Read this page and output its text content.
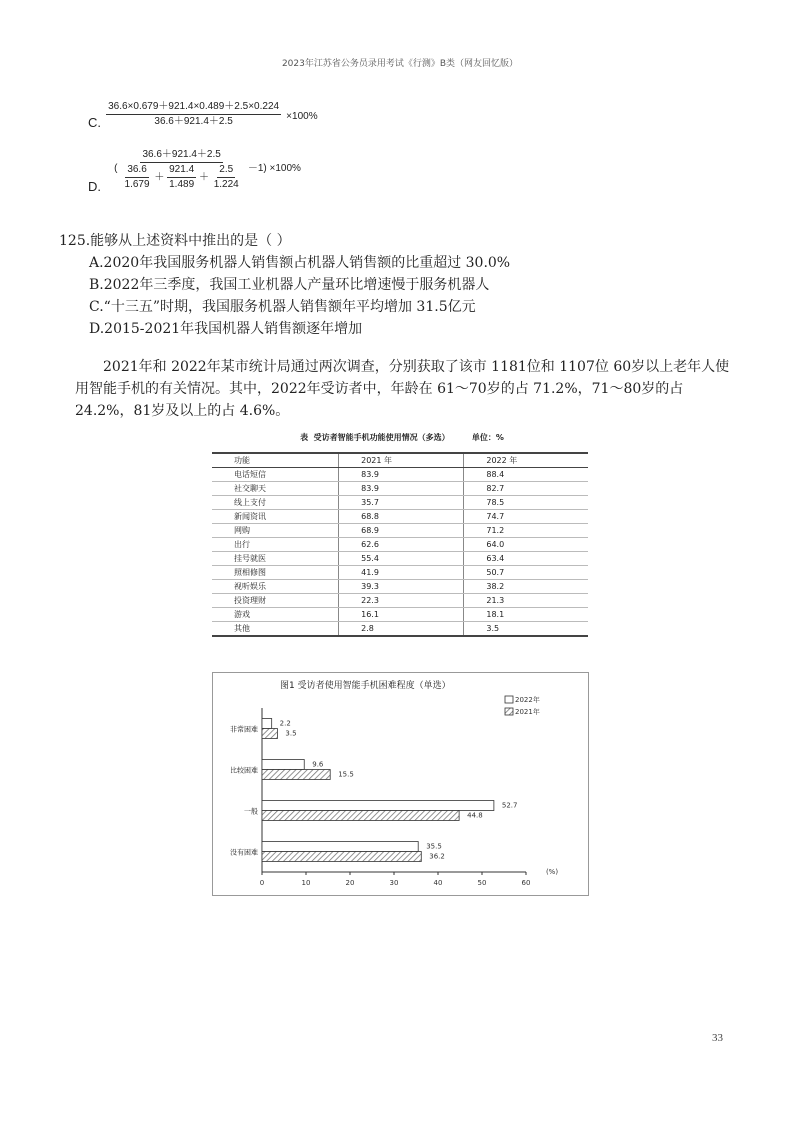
2023年江苏省公务员录用考试《行测》B类（网友回忆版）
$_{C.} \frac{36.6\times 0.679+921.4\times 0.489+2.5\times 0.224}{36.6+921.4+2.5} \times 100\%$
$_{D.}$ $^( \frac{36.6+921.4+2.5}{\frac{36.6}{1.679} + \frac{921.4}{1.489} + \frac{2.5}{1.224}} ^{-1) \times 100\%}$
125.能够从上述资料中推出的是（ ）
A.2020年我国服务机器人销售额占机器人销售额的比重超过 30.0%
B.2022年三季度，我国工业机器人产量环比增速慢于服务机器人
C.“十三五”时期，我国服务机器人销售额年平均增加 31.5亿元
D.2015-2021年我国机器人销售额逐年增加
2021年和 2022年某市统计局通过两次调查，分别获取了该市 1181位和 1107位 60岁以上老年人使用智能手机的有关情况。其中，2022年受访者中，年龄在 61～70岁的占 71.2%，71～80岁的占 24.2%，81岁及以上的占 4.6%。
表  受访者智能手机功能使用情况（多选）        单位：%
功能	2021 年	2022 年
电话短信	83.9	88.4
社交聊天	83.9	82.7
线上支付	35.7	78.5
新闻资讯	68.8	74.7
网购	68.9	71.2
出行	62.6	64.0
挂号就医	55.4	63.4
照相修图	41.9	50.7
视听娱乐	39.3	38.2
投资理财	22.3	21.3
游戏	16.1	18.1
其他	2.8	3.5
图1 受访者使用智能手机困难程度（单选）
0	10	20	30	40	50	60
(%)
非常困难
2.2
3.5
比较困难
9.6
15.5
一般
52.7
44.8
没有困难
35.5
36.2
2022年
2021年
33
